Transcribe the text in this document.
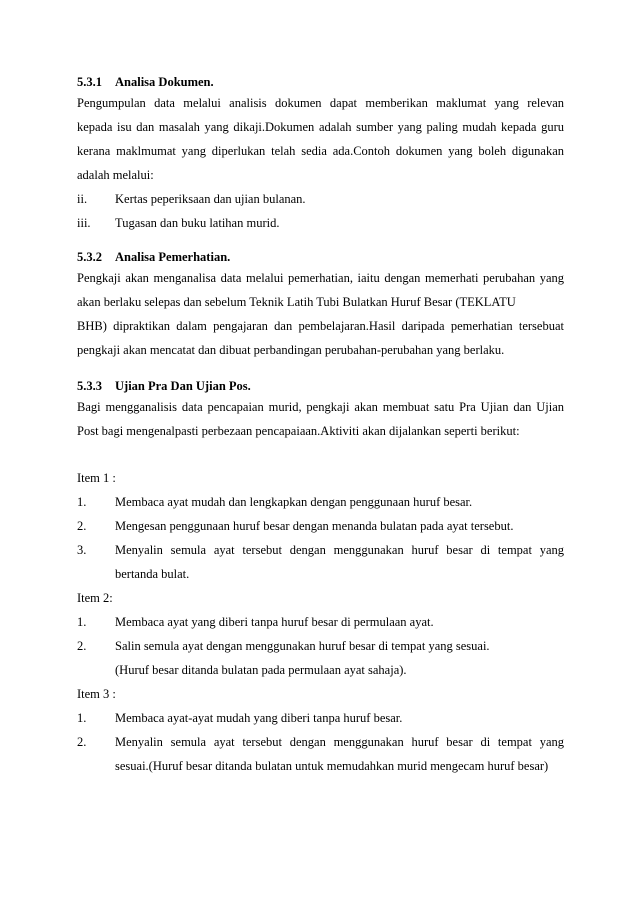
5.3.1 Analisa Dokumen.
Pengumpulan data melalui analisis dokumen dapat memberikan maklumat yang relevan
kepada isu dan masalah yang dikaji.Dokumen adalah sumber yang paling mudah kepada guru
kerana maklmumat yang diperlukan telah sedia ada.Contoh dokumen yang boleh digunakan
adalah melalui:
ii.	Kertas peperiksaan dan ujian bulanan.
iii.	Tugasan dan buku latihan murid.
5.3.2 Analisa Pemerhatian.
Pengkaji akan menganalisa data melalui pemerhatian, iaitu dengan memerhati perubahan yang
akan berlaku selepas dan sebelum Teknik Latih Tubi Bulatkan Huruf Besar (TEKLATU
BHB) dipraktikan dalam pengajaran dan pembelajaran.Hasil daripada pemerhatian tersebuat
pengkaji akan mencatat dan dibuat perbandingan perubahan-perubahan yang berlaku.
5.3.3 Ujian Pra Dan Ujian Pos.
Bagi mengganalisis data pencapaian murid, pengkaji akan membuat satu Pra Ujian dan Ujian
Post bagi mengenalpasti perbezaan pencapaiaan.Aktiviti akan dijalankan seperti berikut:
Item 1 :
1.	Membaca ayat mudah dan lengkapkan dengan penggunaan huruf besar.
2.	Mengesan penggunaan huruf besar dengan menanda bulatan pada ayat tersebut.
3.	Menyalin semula ayat tersebut dengan menggunakan huruf besar di tempat yang
bertanda bulat.
Item 2:
1.	Membaca ayat yang diberi tanpa huruf besar di permulaan ayat.
2.	Salin semula ayat dengan menggunakan huruf besar di tempat yang sesuai.
(Huruf besar ditanda bulatan pada permulaan ayat sahaja).
Item 3 :
1.	Membaca ayat-ayat mudah yang diberi tanpa huruf besar.
2.	Menyalin semula ayat tersebut dengan menggunakan huruf besar di tempat yang
sesuai.(Huruf besar ditanda bulatan untuk memudahkan murid mengecam huruf besar)
